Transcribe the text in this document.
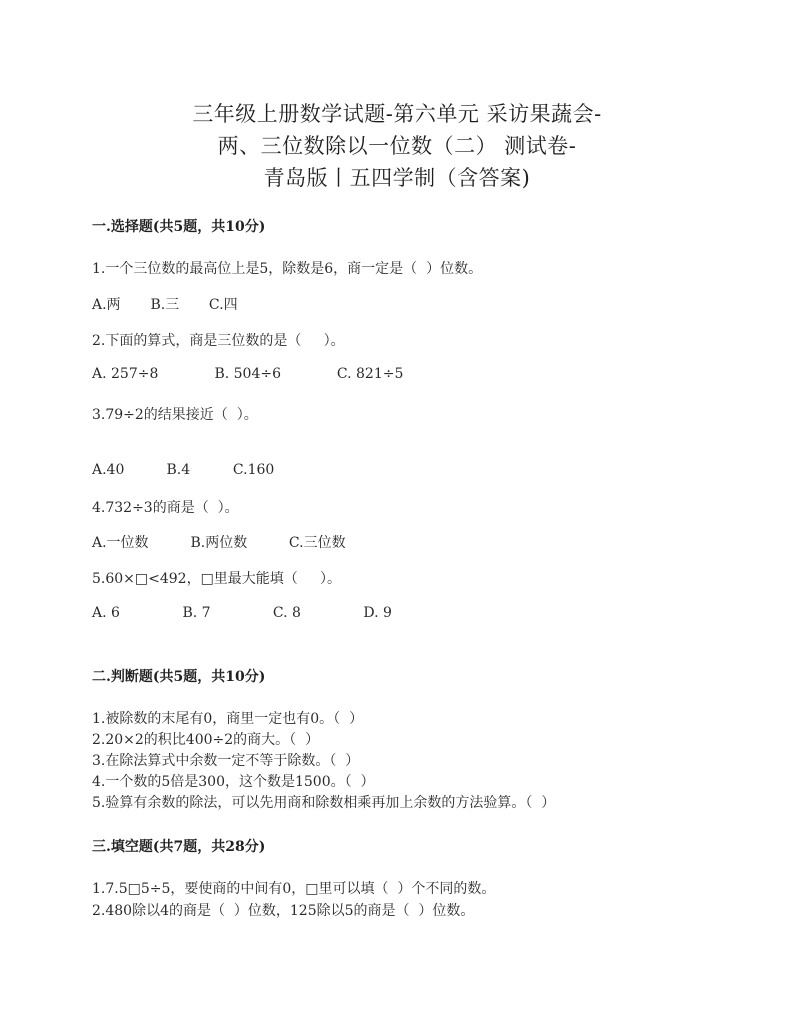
三年级上册数学试题-第六单元 采访果蔬会-
两、三位数除以一位数（二） 测试卷-
青岛版丨五四学制（含答案)
一.选择题(共5题，共10分)
1.一个三位数的最高位上是5，除数是6，商一定是（  ）位数。
A.两 B.三 C.四
2.下面的算式，商是三位数的是（     ）。
A. 257÷8	B. 504÷6	C. 821÷5
3.79÷2的结果接近（  ）。
A.40	B.4	C.160
4.732÷3的商是（  ）。
A.一位数	B.两位数	C.三位数
5.60×□<492，□里最大能填（     ）。
A. 6	B. 7	C. 8	D. 9
二.判断题(共5题，共10分)
1.被除数的末尾有0，商里一定也有0。（  ）
2.20×2的积比400÷2的商大。（  ）
3.在除法算式中余数一定不等于除数。（  ）
4.一个数的5倍是300，这个数是1500。（  ）
5.验算有余数的除法，可以先用商和除数相乘再加上余数的方法验算。（  ）
三.填空题(共7题，共28分)
1.7.5□5÷5，要使商的中间有0，□里可以填（  ）个不同的数。
2.480除以4的商是（  ）位数，125除以5的商是（  ）位数。
